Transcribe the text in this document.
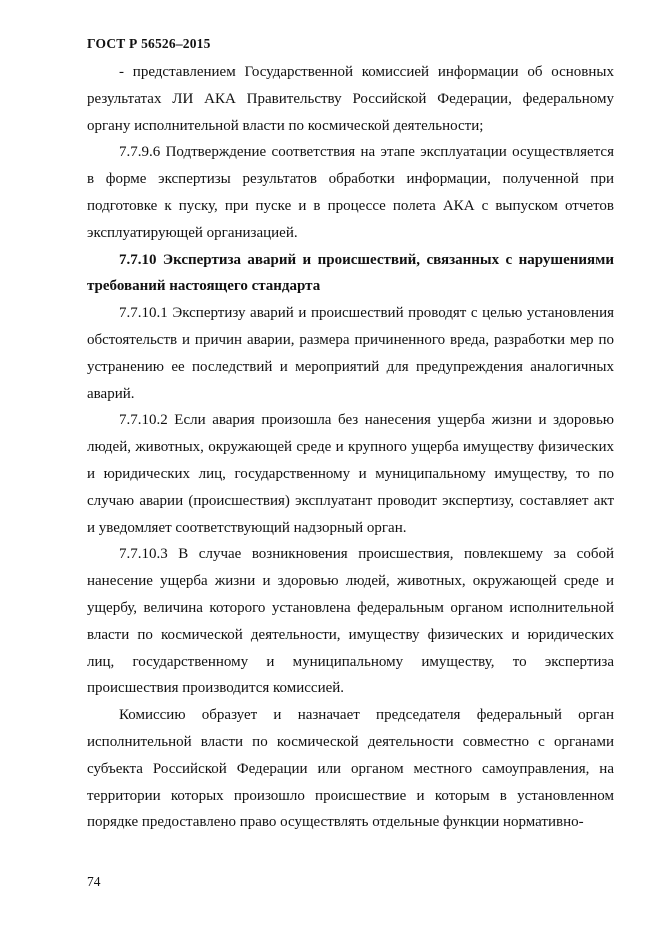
ГОСТ Р 56526–2015

- представлением Государственной комиссией информации об основных результатах ЛИ АКА Правительству Российской Федерации, федеральному органу исполнительной власти по космической деятельности;

7.7.9.6 Подтверждение соответствия на этапе эксплуатации осуществляется в форме экспертизы результатов обработки информации, полученной при подготовке к пуску, при пуске и в процессе полета АКА с выпуском отчетов эксплуатирующей организацией.

7.7.10 Экспертиза аварий и происшествий, связанных с нарушениями требований настоящего стандарта

7.7.10.1 Экспертизу аварий и происшествий проводят с целью установления обстоятельств и причин аварии, размера причиненного вреда, разработки мер по устранению ее последствий и мероприятий для предупреждения аналогичных аварий.

7.7.10.2 Если авария произошла без нанесения ущерба жизни и здоровью людей, животных, окружающей среде и крупного ущерба имуществу физических и юридических лиц, государственному и муниципальному имуществу, то по случаю аварии (происшествия) эксплуатант проводит экспертизу, составляет акт и уведомляет соответствующий надзорный орган.

7.7.10.3 В случае возникновения происшествия, повлекшему за собой нанесение ущерба жизни и здоровью людей, животных, окружающей среде и ущербу, величина которого установлена федеральным органом исполнительной власти по космической деятельности, имуществу физических и юридических лиц, государственному и муниципальному имуществу, то экспертиза происшествия производится комиссией.

Комиссию образует и назначает председателя федеральный орган исполнительной власти по космической деятельности совместно с органами субъекта Российской Федерации или органом местного самоуправления, на территории которых произошло происшествие и которым в установленном порядке предоставлено право осуществлять отдельные функции нормативно-

74
